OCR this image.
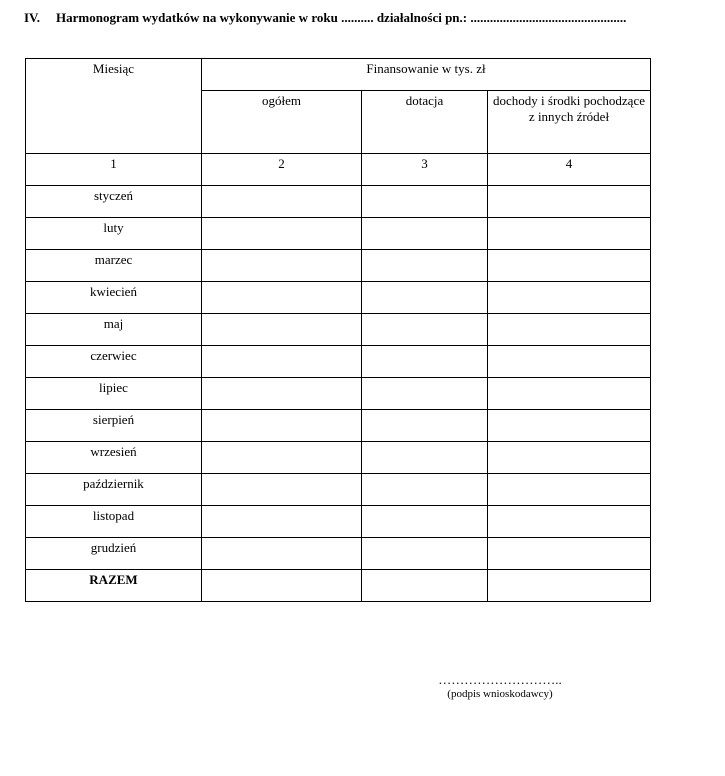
IV. Harmonogram wydatków na wykonywanie w roku .......... działalności pn.: ................................................
Miesiąc	Finansowanie w tys. zł		
	ogółem	dotacja	dochody i środki pochodzące z innych źródeł
1	2	3	4
styczeń			
luty			
marzec			
kwiecień			
maj			
czerwiec			
lipiec			
sierpień			
wrzesień			
październik			
listopad			
grudzień			
RAZEM			
………………………..
(podpis wnioskodawcy)
